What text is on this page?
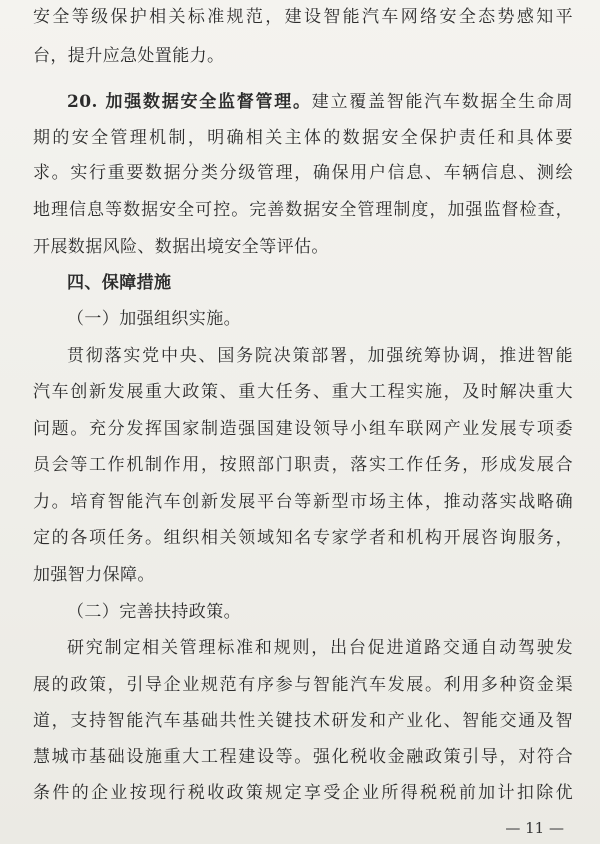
安全等级保护相关标准规范，建设智能汽车网络安全态势感知平
台，提升应急处置能力。
20. 加强数据安全监督管理。建立覆盖智能汽车数据全生命周
期的安全管理机制，明确相关主体的数据安全保护责任和具体要
求。实行重要数据分类分级管理，确保用户信息、车辆信息、测绘
地理信息等数据安全可控。完善数据安全管理制度，加强监督检查，
开展数据风险、数据出境安全等评估。
四、保障措施
（一）加强组织实施。
贯彻落实党中央、国务院决策部署，加强统筹协调，推进智能
汽车创新发展重大政策、重大任务、重大工程实施，及时解决重大
问题。充分发挥国家制造强国建设领导小组车联网产业发展专项委
员会等工作机制作用，按照部门职责，落实工作任务，形成发展合
力。培育智能汽车创新发展平台等新型市场主体，推动落实战略确
定的各项任务。组织相关领域知名专家学者和机构开展咨询服务，
加强智力保障。
（二）完善扶持政策。
研究制定相关管理标准和规则，出台促进道路交通自动驾驶发
展的政策，引导企业规范有序参与智能汽车发展。利用多种资金渠
道，支持智能汽车基础共性关键技术研发和产业化、智能交通及智
慧城市基础设施重大工程建设等。强化税收金融政策引导，对符合
条件的企业按现行税收政策规定享受企业所得税税前加计扣除优
— 11 —
